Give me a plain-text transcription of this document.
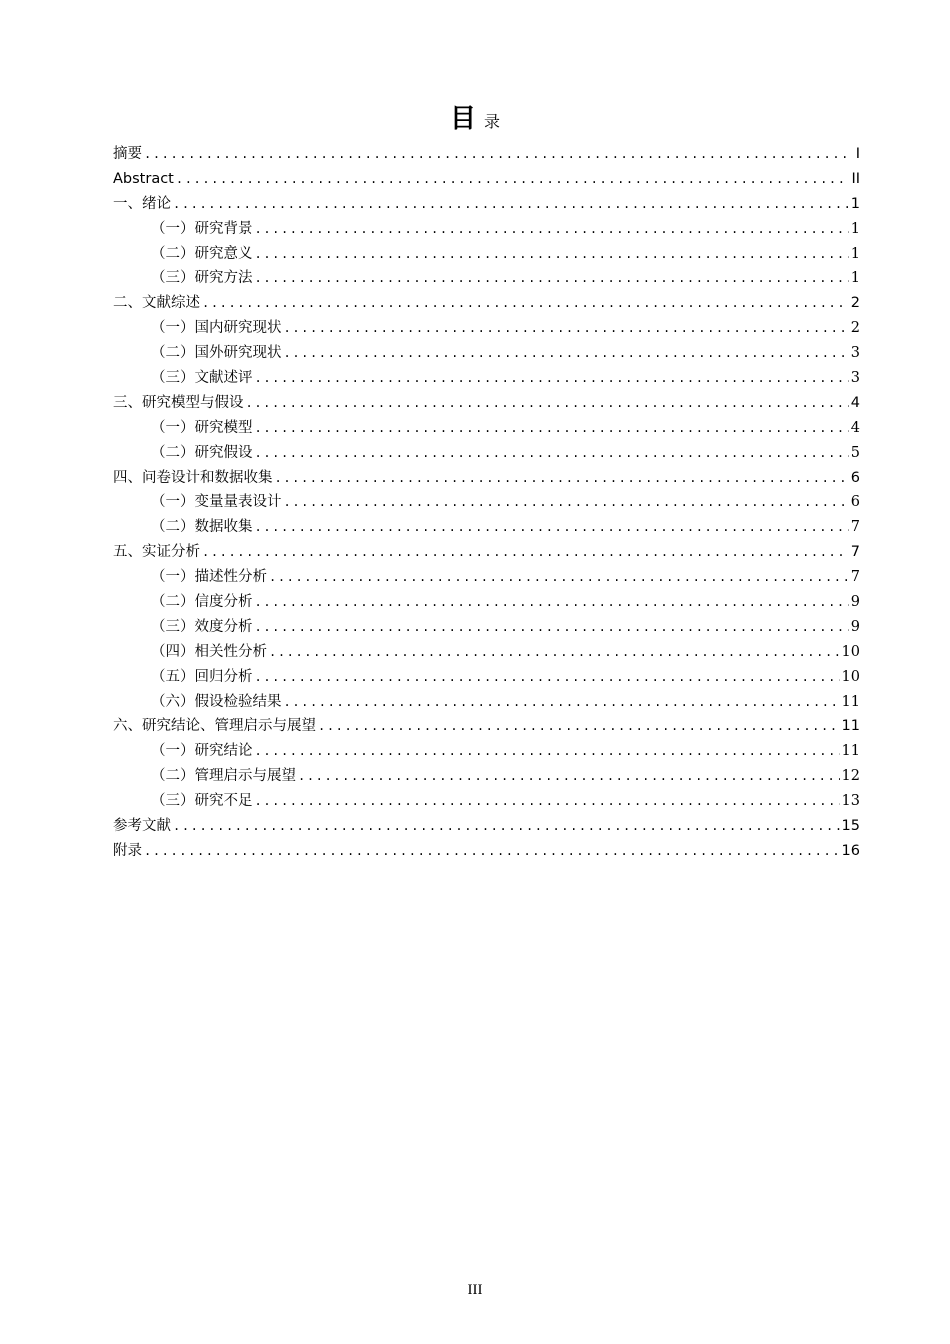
目录
摘要 .....	I
Abstract .....	II
一、绪论 .....	1
（一）研究背景 .....	1
（二）研究意义 .....	1
（三）研究方法 .....	1
二、文献综述 .....	2
（一）国内研究现状 .....	2
（二）国外研究现状 .....	3
（三）文献述评 .....	3
三、研究模型与假设 .....	4
（一）研究模型 .....	4
（二）研究假设 .....	5
四、问卷设计和数据收集 .....	6
（一）变量量表设计 .....	6
（二）数据收集 .....	7
五、实证分析 .....	7
（一）描述性分析 .....	7
（二）信度分析 .....	9
（三）效度分析 .....	9
（四）相关性分析 .....	10
（五）回归分析 .....	10
（六）假设检验结果 .....	11
六、研究结论、管理启示与展望 .....	11
（一）研究结论 .....	11
（二）管理启示与展望 .....	12
（三）研究不足 .....	13
参考文献 .....	15
附录 .....	16
III
